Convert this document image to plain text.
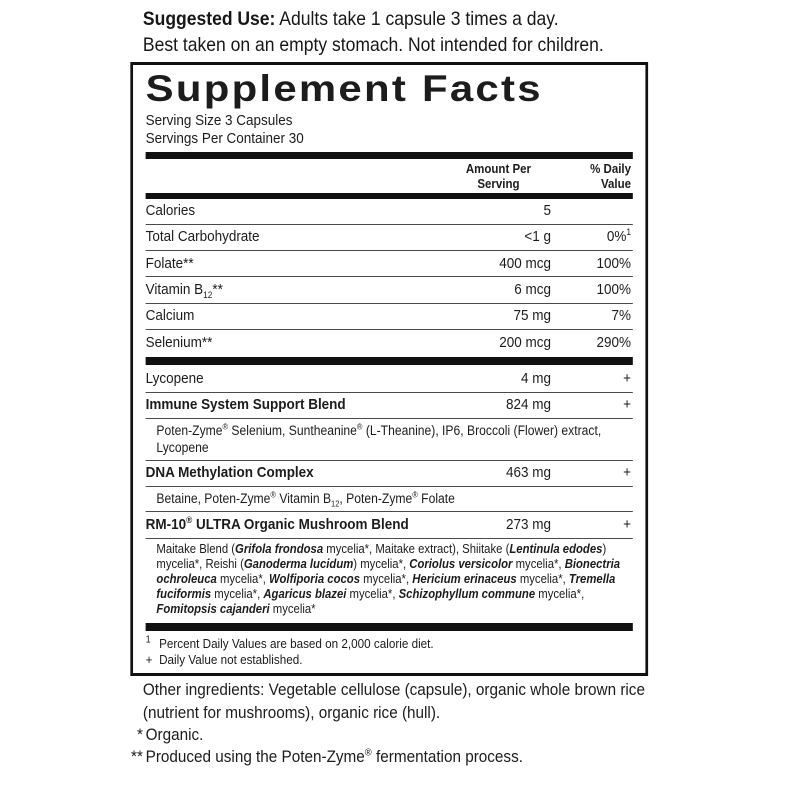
Suggested Use: Adults take 1 capsule 3 times a day.
Best taken on an empty stomach. Not intended for children.
Supplement Facts
Serving Size 3 Capsules
Servings Per Container 30
Amount Per
Serving
% Daily
Value
Calories	5
Total Carbohydrate	<1 g	0%$^1$
Folate**	400 mcg	100%
Vitamin $B_{12}**$	6 mcg	100%
Calcium	75 mg	7%
Selenium**	200 mcg	290%
Lycopene	4 mg	+
Immune System Support Blend	824 mg	+
Poten-Zyme® Selenium, Suntheanine® (L-Theanine), IP6, Broccoli (Flower) extract, Lycopene
DNA Methylation Complex	463 mg	+
Betaine, Poten-Zyme® Vitamin $B_{12}$, Poten-Zyme® Folate
RM-10® ULTRA Organic Mushroom Blend	273 mg	+
Maitake Blend (Grifola frondosa mycelia*, Maitake extract), Shiitake (Lentinula edodes) mycelia*, Reishi (Ganoderma lucidum) mycelia*, Coriolus versicolor mycelia*, Bionectria ochroleuca mycelia*, Wolfiporia cocos mycelia*, Hericium erinaceus mycelia*, Tremella fuciformis mycelia*, Agaricus blazei mycelia*, Schizophyllum commune mycelia*, Fomitopsis cajanderi mycelia*
$^1$ Percent Daily Values are based on 2,000 calorie diet.
+ Daily Value not established.
Other ingredients: Vegetable cellulose (capsule), organic whole brown rice (nutrient for mushrooms), organic rice (hull).
* Organic.
** Produced using the Poten-Zyme® fermentation process.
